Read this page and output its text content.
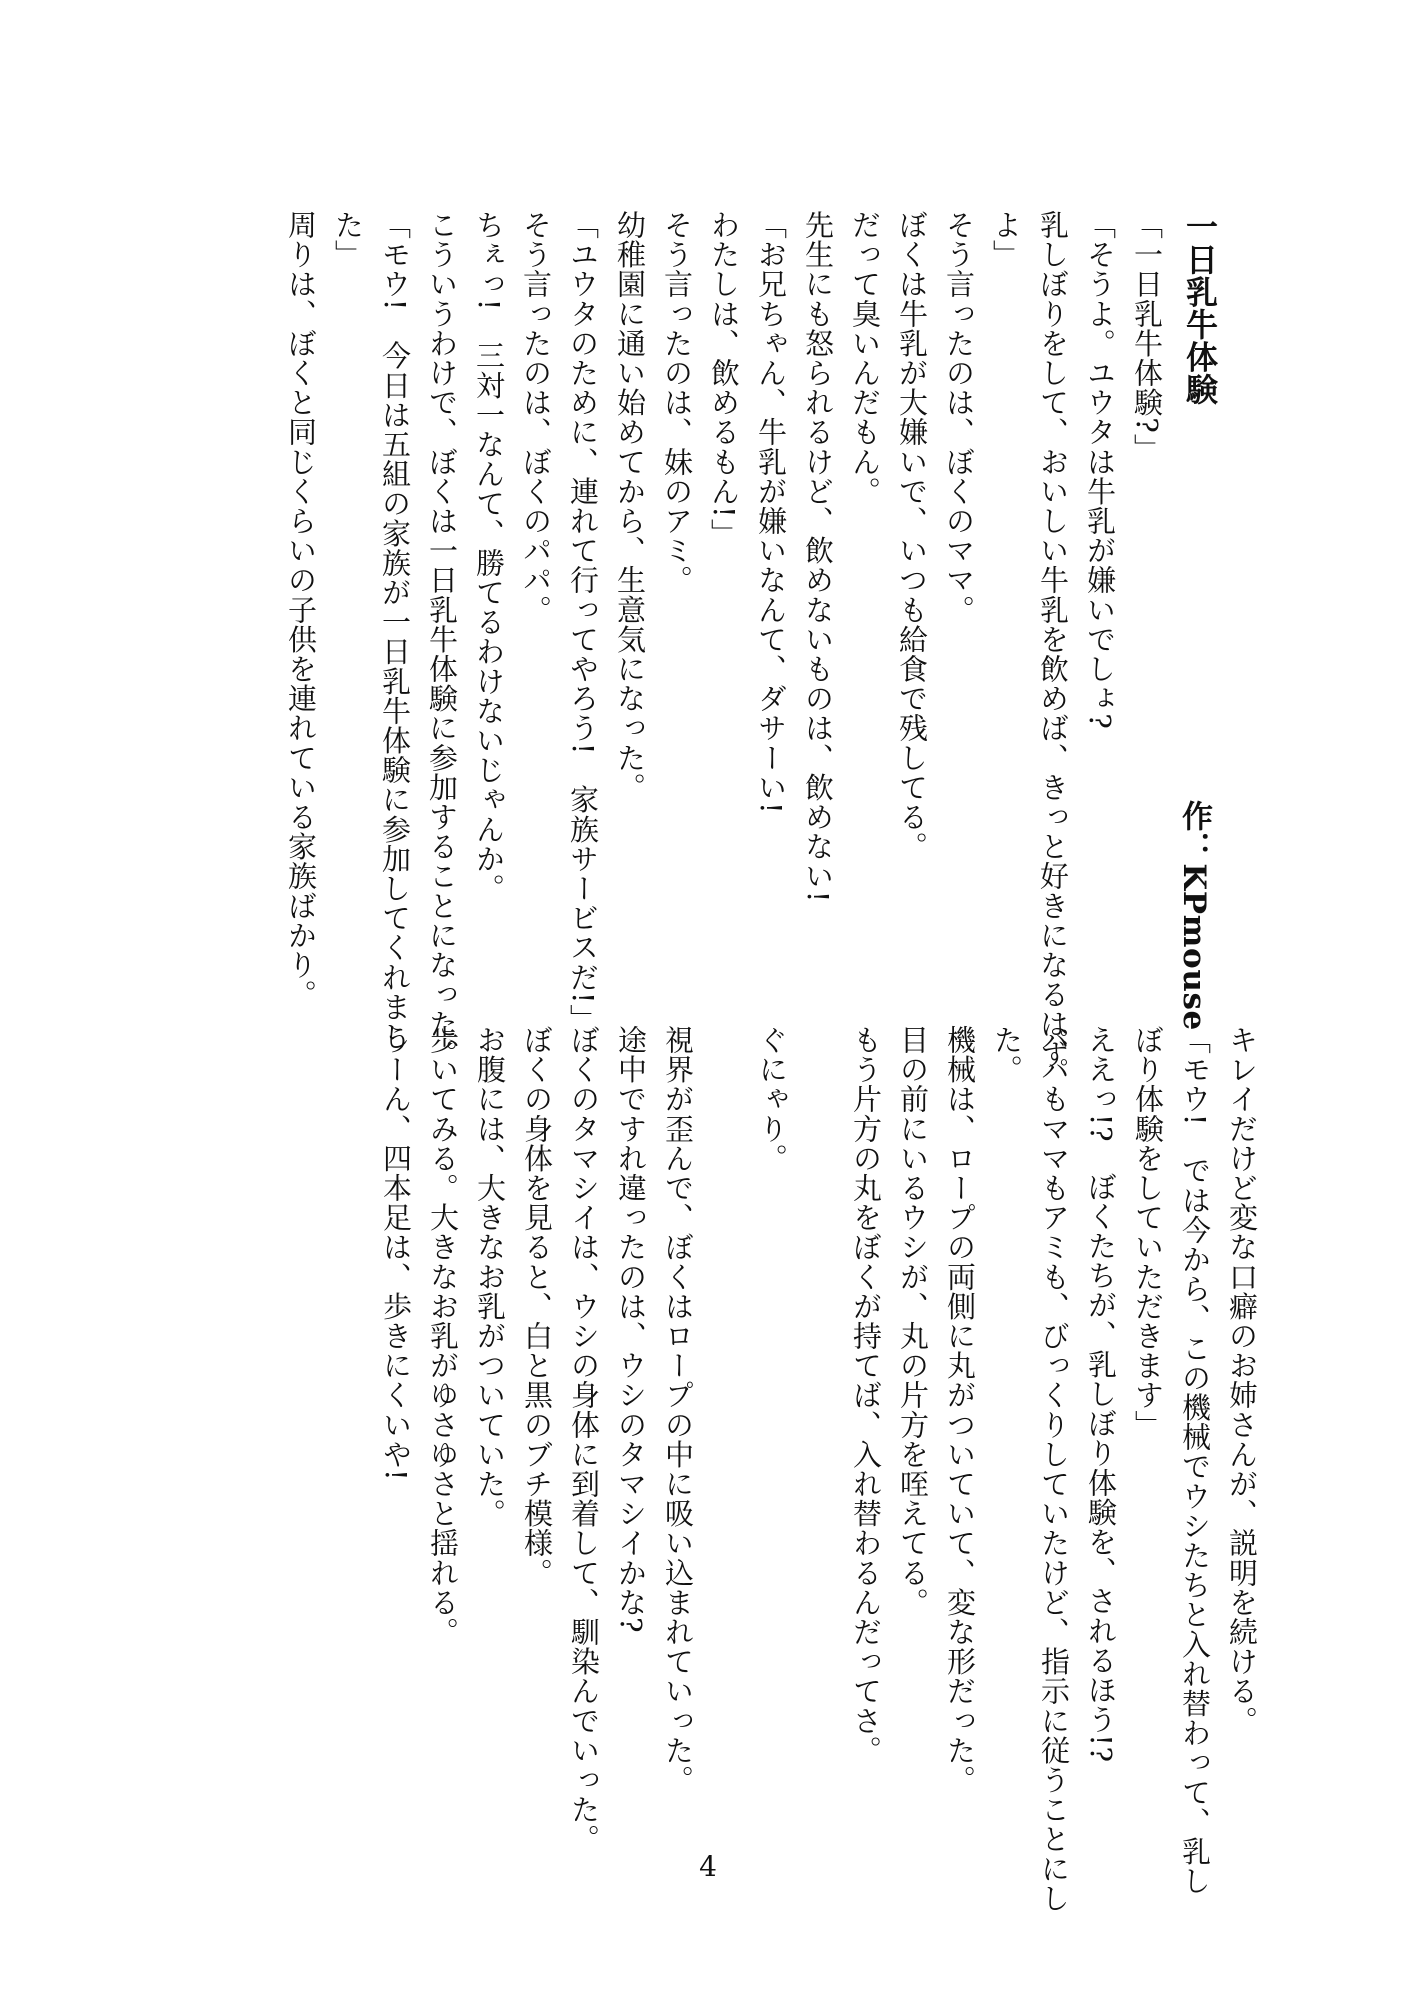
一日乳牛体験
作：KPmouse
「一日乳牛体験?」
「そうよ。ユウタは牛乳が嫌いでしょ?
乳しぼりをして、おいしい牛乳を飲めば、きっと好きになるはず
よ」
そう言ったのは、ぼくのママ。
ぼくは牛乳が大嫌いで、いつも給食で残してる。
だって臭いんだもん。
先生にも怒られるけど、飲めないものは、飲めない!
「お兄ちゃん、牛乳が嫌いなんて、ダサーい!
わたしは、飲めるもん!」
そう言ったのは、妹のアミ。
幼稚園に通い始めてから、生意気になった。
「ユウタのために、連れて行ってやろう!　家族サービスだ!」
そう言ったのは、ぼくのパパ。
ちぇっ!　三対一なんて、勝てるわけないじゃんか。
こういうわけで、ぼくは一日乳牛体験に参加することになった。
「モウ!　今日は五組の家族が一日乳牛体験に参加してくれまし
た」
周りは、ぼくと同じくらいの子供を連れている家族ばかり。
キレイだけど変な口癖のお姉さんが、説明を続ける。
「モウ!　では今から、この機械でウシたちと入れ替わって、乳し
ぼり体験をしていただきます」
ええっ!?　ぼくたちが、乳しぼり体験を、されるほう!?
パパもママもアミも、びっくりしていたけど、指示に従うことにし
た。
機械は、ロープの両側に丸がついていて、変な形だった。
目の前にいるウシが、丸の片方を咥えてる。
もう片方の丸をぼくが持てば、入れ替わるんだってさ。
ぐにゃり。
視界が歪んで、ぼくはロープの中に吸い込まれていった。
途中ですれ違ったのは、ウシのタマシイかな?
ぼくのタマシイは、ウシの身体に到着して、馴染んでいった。
ぼくの身体を見ると、白と黒のブチ模様。
お腹には、大きなお乳がついていた。
歩いてみる。大きなお乳がゆさゆさと揺れる。
うーん、四本足は、歩きにくいや!
4
